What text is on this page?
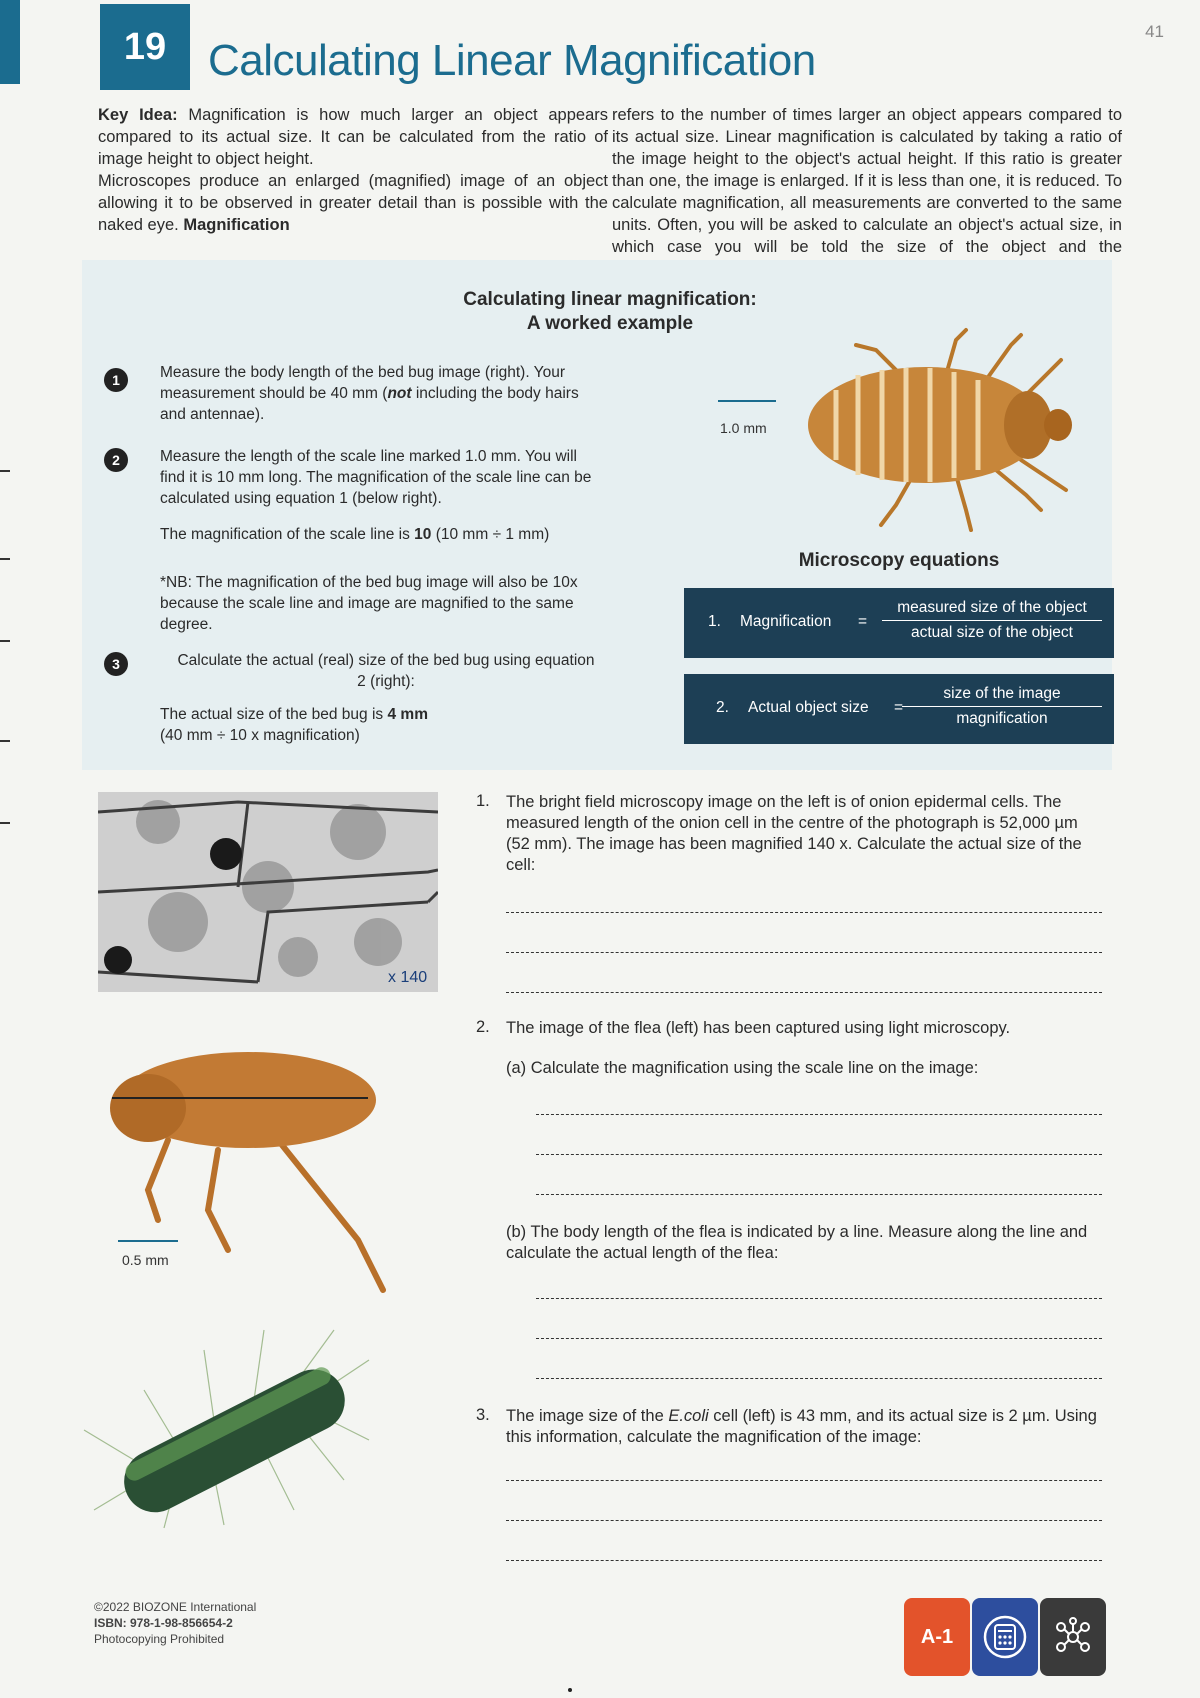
41
19 Calculating Linear Magnification
Key Idea: Magnification is how much larger an object appears compared to its actual size. It can be calculated from the ratio of image height to object height.
Microscopes produce an enlarged (magnified) image of an object allowing it to be observed in greater detail than is possible with the naked eye. Magnification
refers to the number of times larger an object appears compared to its actual size. Linear magnification is calculated by taking a ratio of the image height to the object's actual height. If this ratio is greater than one, the image is enlarged. If it is less than one, it is reduced. To calculate magnification, all measurements are converted to the same units. Often, you will be asked to calculate an object's actual size, in which case you will be told the size of the object and the
Calculating linear magnification:
A worked example
1	Measure the body length of the bed bug image (right). Your measurement should be 40 mm (not including the body hairs and antennae).
2	Measure the length of the scale line marked 1.0 mm. You will find it is 10 mm long. The magnification of the scale line can be calculated using equation 1 (below right).
The magnification of the scale line is 10 (10 mm ÷ 1 mm)
*NB: The magnification of the bed bug image will also be 10x because the scale line and image are magnified to the same degree.
3	Calculate the actual (real) size of the bed bug using equation 2 (right):
The actual size of the bed bug is 4 mm
(40 mm ÷ 10 x magnification)
1.0 mm
Microscopy equations
1. Magnification =
measured size of the object
actual size of the object
2. Actual object size =
size of the image
magnification
x 140
0.5 mm
1. The bright field microscopy image on the left is of onion epidermal cells. The measured length of the onion cell in the centre of the photograph is 52,000 µm (52 mm). The image has been magnified 140 x. Calculate the actual size of the cell:
2. The image of the flea (left) has been captured using light microscopy.
(a) Calculate the magnification using the scale line on the image:
(b) The body length of the flea is indicated by a line. Measure along the line and calculate the actual length of the flea:
3. The image size of the E.coli cell (left) is 43 mm, and its actual size is 2 µm. Using this information, calculate the magnification of the image:
©2022 BIOZONE International
ISBN: 978-1-98-856654-2
Photocopying Prohibited	A-1
